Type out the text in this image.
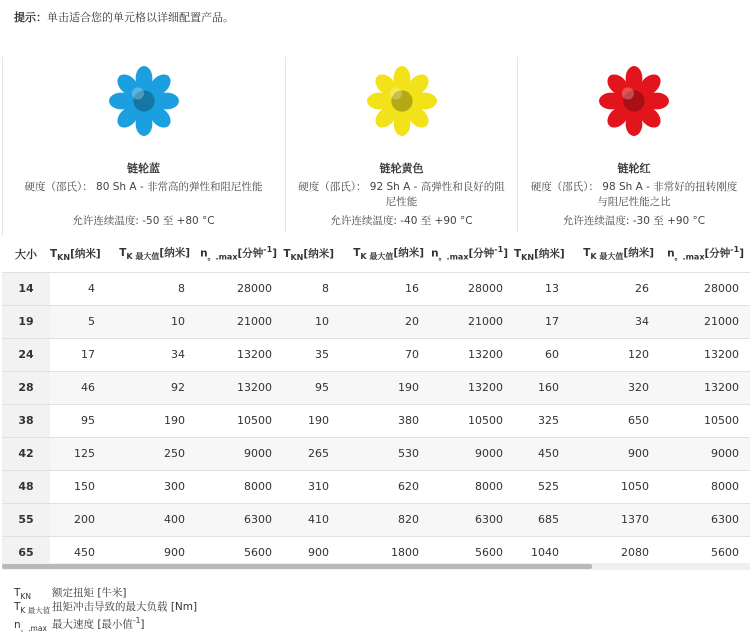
提示：单击适合您的单元格以详细配置产品。
链轮蓝
硬度（邵氏）： 80 Sh A - 非常高的弹性和阻尼性能
允许连续温度: -50 至 +80 °C
链轮黄色
硬度（邵氏）： 92 Sh A - 高弹性和良好的阻尼性能
允许连续温度: -40 至 +90 °C
链轮红
硬度（邵氏）： 98 Sh A - 非常好的扭转刚度与阻尼性能之比
允许连续温度: -30 至 +90 °C
大小	$T_{KN}$[纳米]	$T_{K 最大值}$[纳米]	$n_{。.max}$[分钟$^{-1}$]	$T_{KN}$[纳米]	$T_{K 最大值}$[纳米]	$n_{。.max}$[分钟$^{-1}$]	$T_{KN}$[纳米]	$T_{K 最大值}$[纳米]	$n_{。.max}$[分钟$^{-1}$]
14	4	8	28000	8	16	28000	13	26	28000
19	5	10	21000	10	20	21000	17	34	21000
24	17	34	13200	35	70	13200	60	120	13200
28	46	92	13200	95	190	13200	160	320	13200
38	95	190	10500	190	380	10500	325	650	10500
42	125	250	9000	265	530	9000	450	900	9000
48	150	300	8000	310	620	8000	525	1050	8000
55	200	400	6300	410	820	6300	685	1370	6300
65	450	900	5600	900	1800	5600	1040	2080	5600
$T_{KN}$ 额定扭矩 [牛米]
$T_{K 最大值}$ 扭矩冲击导致的最大负载 [Nm]
$n_{。.max}$ 最大速度 [最小值$^{-1}$]
